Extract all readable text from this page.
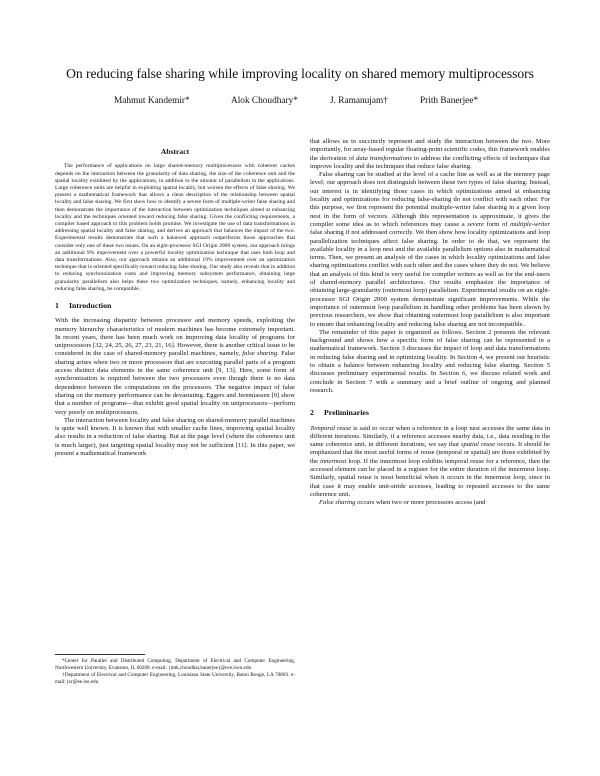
On reducing false sharing while improving locality on shared memory multiprocessors
Mahmut Kandemir*	Alok Choudhary*	J. Ramanujam†	Prith Banerjee*
Abstract

The performance of applications on large shared-memory multiprocessors with coherent caches depends on the interaction between the granularity of data sharing, the size of the coherence unit and the spatial locality exhibited by the applications, in addition to the amount of parallelism in the applications. Large coherence units are helpful in exploiting spatial locality, but worsen the effects of false sharing. We present a mathematical framework that allows a clean description of the relationship between spatial locality and false sharing. We first show how to identify a severe form of multiple-writer false sharing and then demonstrate the importance of the interaction between optimization techniques aimed at enhancing locality and the techniques oriented toward reducing false sharing. Given the conflicting requirements, a compiler based approach to this problem holds promise. We investigate the use of data transformations in addressing spatial locality and false sharing, and derives an approach that balances the impact of the two. Experimental results demonstrate that such a balanced approach outperforms those approaches that consider only one of these two issues. On an eight-processor SGI Origin 2000 system, our approach brings an additional 9% improvement over a powerful locality optimization technique that uses both loop and data transformations. Also, our approach obtains an additional 19% improvement over an optimization technique that is oriented specifically toward reducing false sharing. Our study also reveals that in addition to reducing synchronization costs and improving memory subsystem performance, obtaining large granularity parallelism also helps these two optimization techniques, namely, enhancing locality and reducing false sharing, be compatible.

1 Introduction

With the increasing disparity between processor and memory speeds, exploiting the memory hierarchy characteristics of modern machines has become extremely important. In recent years, there has been much work on improving data locality of programs for uniprocessors [32, 24, 25, 26, 27, 23, 21, 16]. However, there is another critical issue to be considered in the case of shared-memory parallel machines, namely, false sharing. False sharing arises when two or more processors that are executing parallel parts of a program access distinct data elements in the same coherence unit [9, 13]. Here, some form of synchronization is required between the two processors even though there is no data dependence between the computations on the processors. The negative impact of false sharing on the memory performance can be devastating. Eggers and Jeremiassen [9] show that a number of programs—that exhibit good spatial locality on uniprocessors—perform very poorly on multiprocessors.

The interaction between locality and false sharing on shared-memory parallel machines is quite well known. It is known that with smaller cache lines, improving spatial locality also results in a reduction of false sharing. But at the page level (where the coherence unit is much larger), just targeting spatial locality may not be sufficient [11]. In this paper, we present a mathematical framework

*Center for Parallel and Distributed Computing, Department of Electrical and Computer Engineering, Northwestern University, Evanston, IL 60208. e-mail: {mtk,choudhar,banerjee}@ece.nwu.edu

†Department of Electrical and Computer Engineering, Louisiana State University, Baton Rouge, LA 70803. e-mail: jxr@ee.lsu.edu

that allows us to succinctly represent and study the interaction between the two. More importantly, for array-based regular floating-point scientific codes, this framework enables the derivation of data transformations to address the conflicting effects of techniques that improve locality and the techniques that reduce false sharing.

False sharing can be studied at the level of a cache line as well as at the memory page level; our approach does not distinguish between these two types of false sharing. Instead, our interest is in identifying those cases in which optimizations aimed at enhancing locality and optimizations for reducing false-sharing do not conflict with each other. For this purpose, we first represent the potential multiple-writer false sharing in a given loop nest in the form of vectors. Although this representation is approximate, it gives the compiler some idea as to which references may cause a severe form of multiple-writer false sharing if not addressed correctly. We then show how locality optimizations and loop parallelization techniques affect false sharing. In order to do that, we represent the available locality in a loop nest and the available parallelism options also in mathematical terms. Then, we present an analysis of the cases in which locality optimizations and false sharing optimizations conflict with each other and the cases where they do not. We believe that an analysis of this kind is very useful for compiler writers as well as for the end-users of shared-memory parallel architectures. Our results emphasize the importance of obtaining large-granularity (outermost loop) parallelism. Experimental results on an eight-processor SGI Origin 2000 system demonstrate significant improvements. While the importance of outermost loop parallelism in handling other problems has been shown by previous researchers, we show that obtaining outermost loop parallelism is also important to ensure that enhancing locality and reducing false sharing are not incompatible.

The remainder of this paper is organized as follows. Section 2 presents the relevant background and shows how a specific form of false sharing can be represented in a mathematical framework. Section 3 discusses the impact of loop and data transformations in reducing false sharing and in optimizing locality. In Section 4, we present our heuristic to obtain a balance between enhancing locality and reducing false sharing. Section 5 discusses preliminary experimental results. In Section 6, we discuss related work and conclude in Section 7 with a summary and a brief outline of ongoing and planned research.

2 Preliminaries

Temporal reuse is said to occur when a reference in a loop nest accesses the same data in different iterations. Similarly, if a reference accesses nearby data, i.e., data residing in the same coherence unit, in different iterations, we say that spatial reuse occurs. It should be emphasized that the most useful forms of reuse (temporal or spatial) are those exhibited by the innermost loop. If the innermost loop exhibits temporal reuse for a reference, then the accessed element can be placed in a register for the entire duration of the innermost loop. Similarly, spatial reuse is most beneficial when it occurs in the innermost loop, since in that case it may enable unit-stride accesses, leading to repeated accesses to the same coherence unit.

False sharing occurs when two or more processors access (and
